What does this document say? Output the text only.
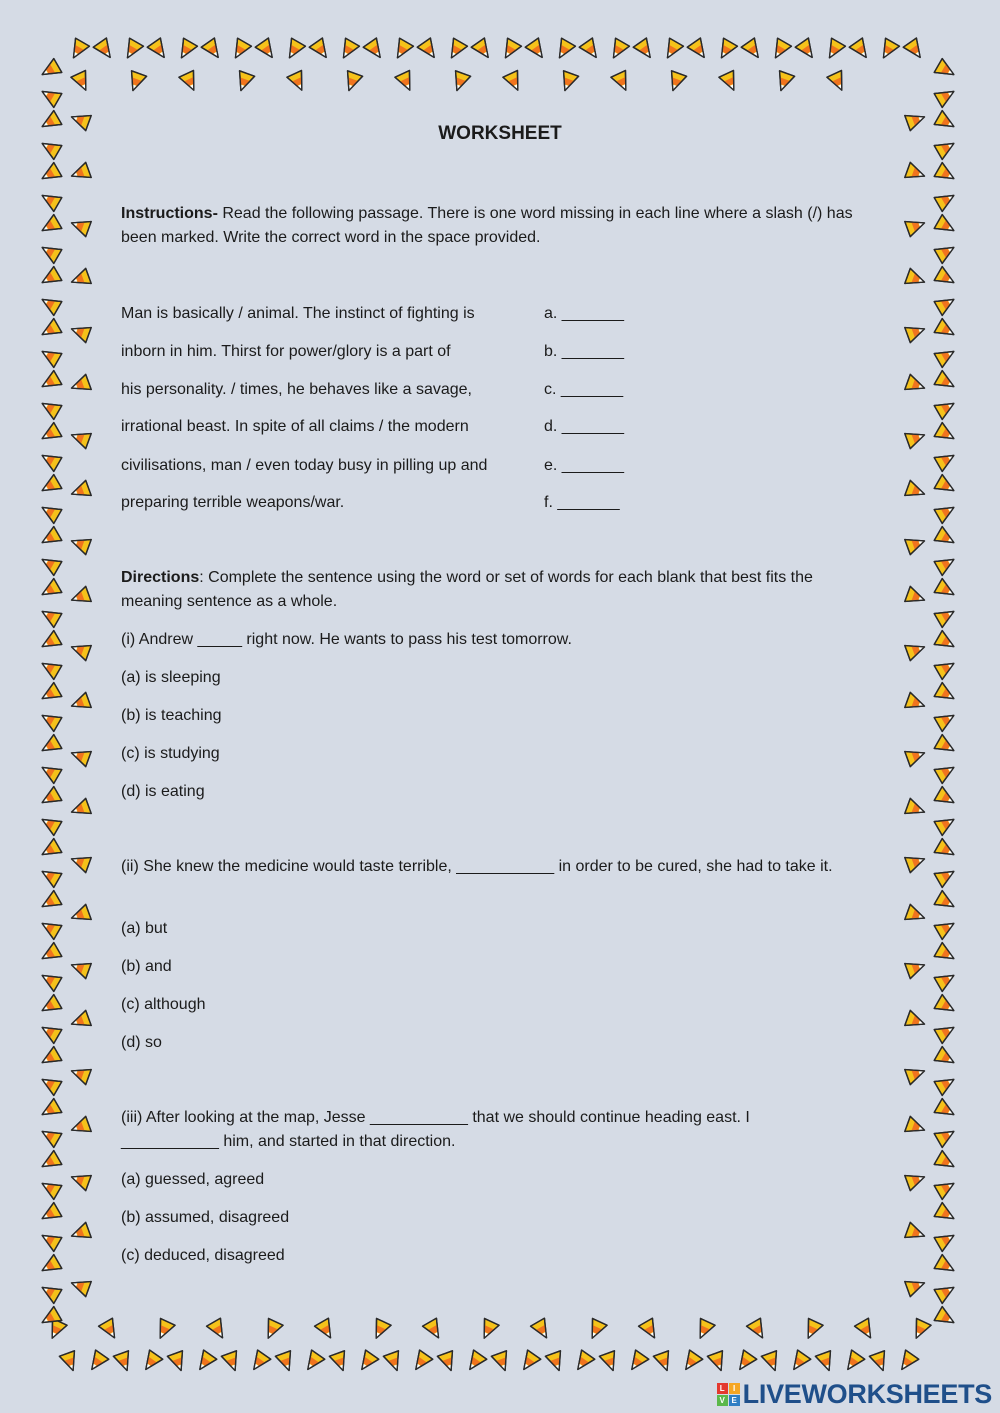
WORKSHEET
Instructions- Read the following passage. There is one word missing in each line where a slash (/) has been marked. Write the correct word in the space provided.
Man is basically / animal. The instinct of fighting is	a. _______
inborn in him. Thirst for power/glory is a part of	b. _______
his personality. / times, he behaves like a savage,	c. _______
irrational beast. In spite of all claims / the modern	d. _______
civilisations, man / even today busy in pilling up and	e. _______
preparing terrible weapons/war.	f. _______
Directions: Complete the sentence using the word or set of words for each blank that best fits the meaning sentence as a whole.
(i) Andrew _____ right now. He wants to pass his test tomorrow.
(a) is sleeping
(b) is teaching
(c) is studying
(d) is eating
(ii) She knew the medicine would taste terrible, ___________ in order to be cured, she had to take it.
(a) but
(b) and
(c) although
(d) so
(iii) After looking at the map, Jesse ___________ that we should continue heading east. I ___________ him, and started in that direction.
(a) guessed, agreed
(b) assumed, disagreed
(c) deduced, disagreed
L	I
V E LIVEWORKSHEETS
